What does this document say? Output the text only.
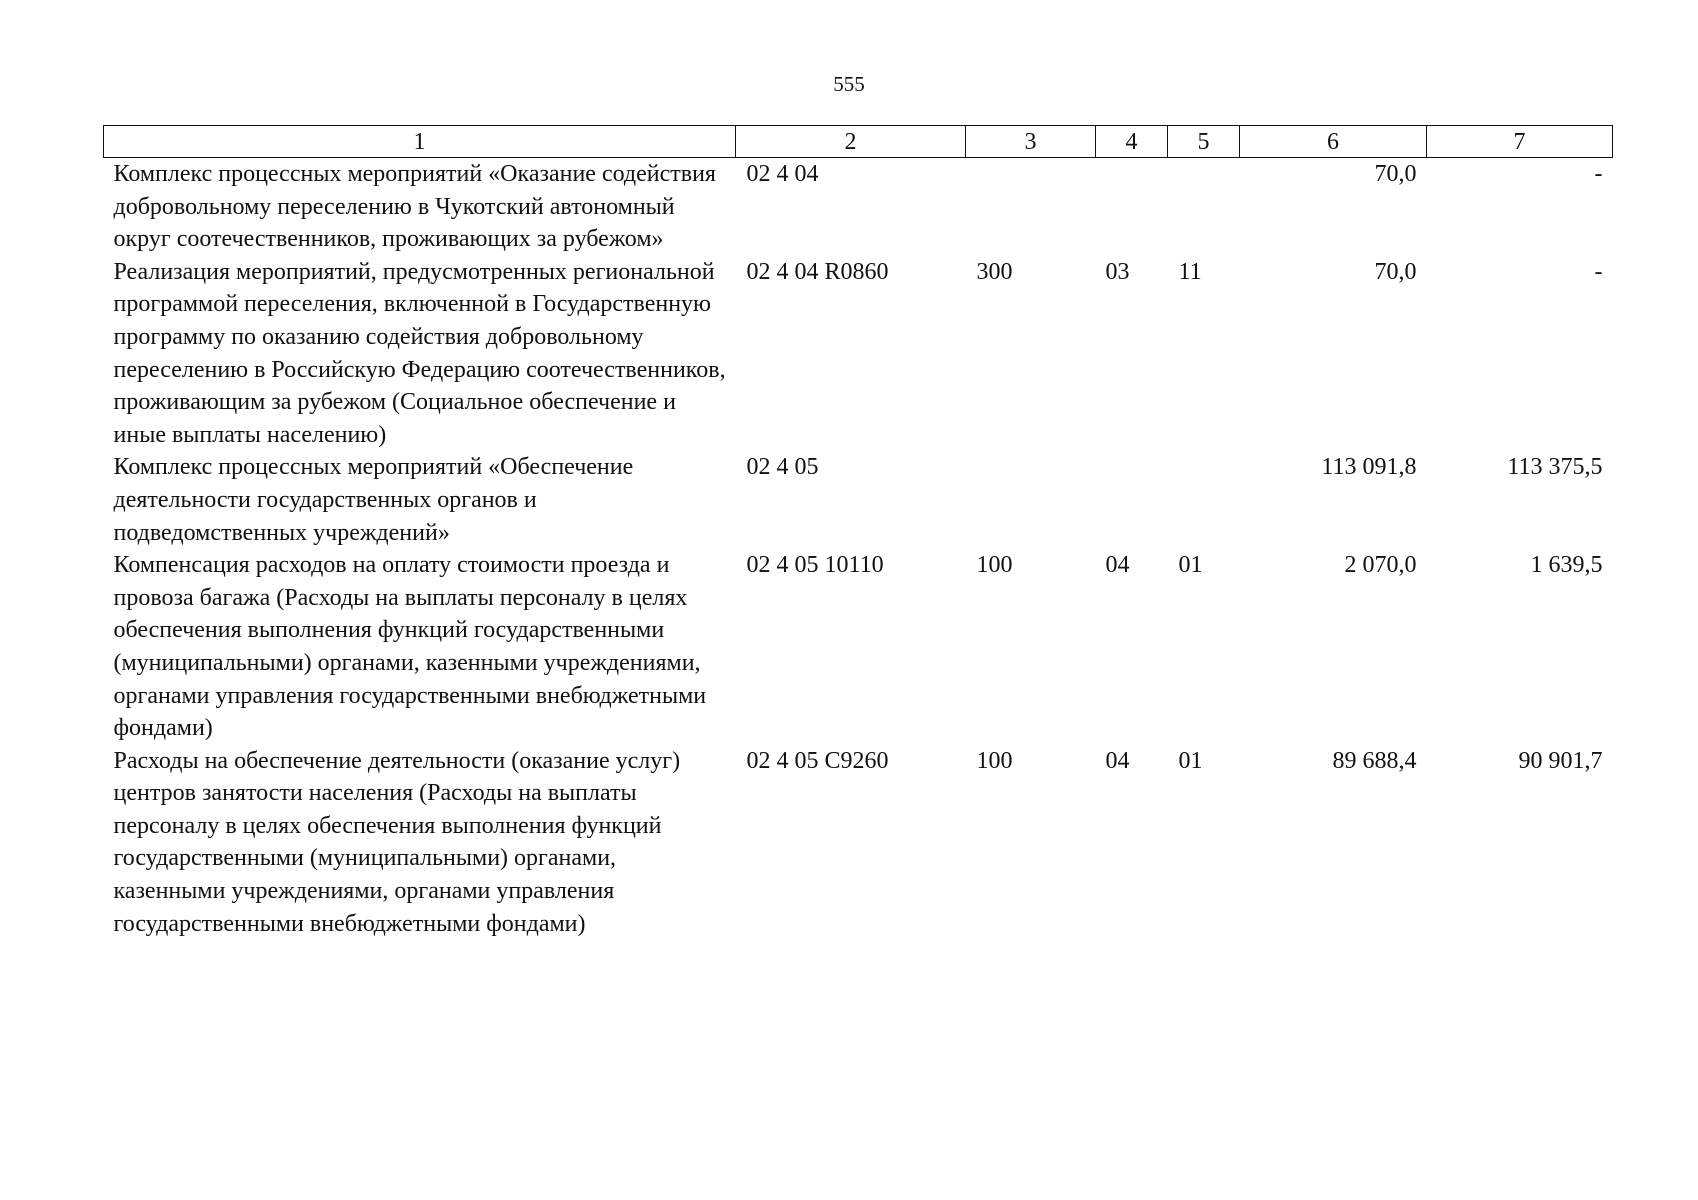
555
1	2	3	4	5	6	7
Комплекс процессных мероприятий «Оказание содействия добровольному переселению в Чукотский автономный округ соотечественников, проживающих за рубежом»	02 4 04				70,0	-
Реализация мероприятий, предусмотренных региональной программой переселения, включенной в Государственную программу по оказанию содействия добровольному переселению в Российскую Федерацию соотечественников, проживающим за рубежом (Социальное обеспечение и иные выплаты населению)	02 4 04 R0860	300	03	11	70,0	-
Комплекс процессных мероприятий «Обеспечение деятельности государственных органов и подведомственных учреждений»	02 4 05				113 091,8	113 375,5
Компенсация расходов на оплату стоимости проезда и провоза багажа (Расходы на выплаты персоналу в целях обеспечения выполнения функций государственными (муниципальными) органами, казенными учреждениями, органами управления государственными внебюджетными фондами)	02 4 05 10110	100	04	01	2 070,0	1 639,5
Расходы на обеспечение деятельности (оказание услуг) центров занятости населения (Расходы на выплаты персоналу в целях обеспечения выполнения функций государственными (муниципальными) органами, казенными учреждениями, органами управления государственными внебюджетными фондами)	02 4 05 С9260	100	04	01	89 688,4	90 901,7
